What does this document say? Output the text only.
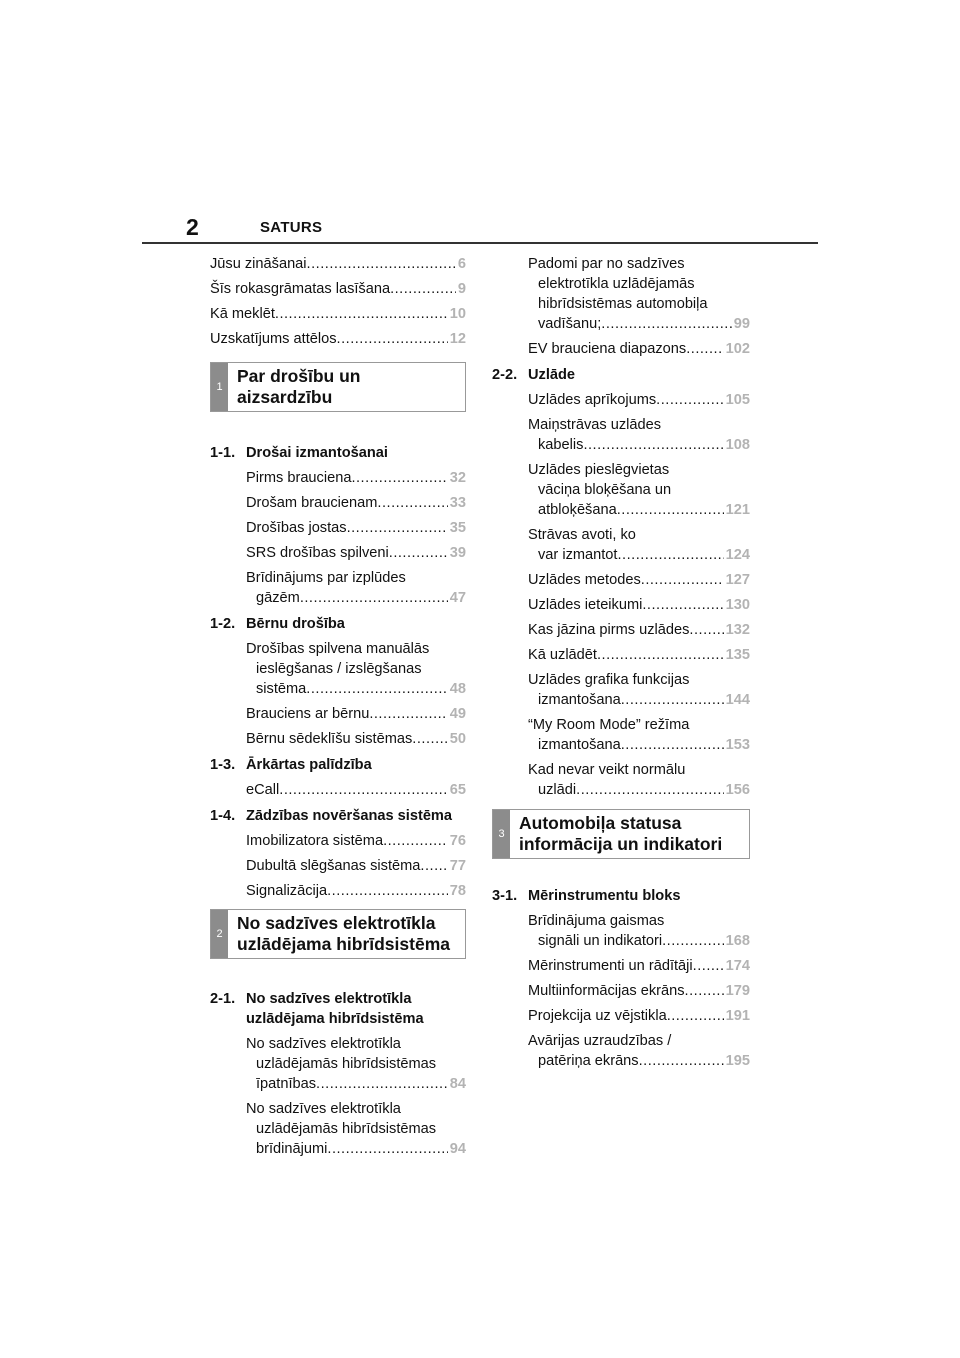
2	SATURS
Jūsu zināšanai .....	6
Šīs rokasgrāmatas lasīšana .....	9
Kā meklēt .....	10
Uzskatījums attēlos .....	12
1
Par drošību un aizsardzību
1-1. Drošai izmantošanai
Pirms brauciena .....	32
Drošam braucienam .....	33
Drošības jostas .....	35
SRS drošības spilveni .....	39
Brīdinājums par izplūdes
gāzēm .....	47
1-2. Bērnu drošība
Drošības spilvena manuālās
ieslēgšanas / izslēgšanas
sistēma .....	48
Brauciens ar bērnu .....	49
Bērnu sēdeklīšu sistēmas .....	50
1-3. Ārkārtas palīdzība
eCall .....	65
1-4. Zādzības novēršanas sistēma
Imobilizatora sistēma .....	76
Dubultā slēgšanas sistēma ..... 77
Signalizācija .....	78
2
No sadzīves elektrotīkla
uzlādējama hibrīdsistēma
2-1. No sadzīves elektrotīkla
uzlādējama hibrīdsistēma
No sadzīves elektrotīkla
uzlādējamās hibrīdsistēmas
īpatnības .....	84
No sadzīves elektrotīkla
uzlādējamās hibrīdsistēmas
brīdinājumi .....	94
Padomi par no sadzīves
elektrotīkla uzlādējamās
hibrīdsistēmas automobiļa
vadīšanu; .....	99
EV brauciena diapazons .....	102
2-2. Uzlāde
Uzlādes aprīkojums .....	105
Maiņstrāvas uzlādes
kabelis .....	108
Uzlādes pieslēgvietas
vāciņa bloķēšana un
atbloķēšana .....	121
Strāvas avoti, ko
var izmantot .....	124
Uzlādes metodes .....	127
Uzlādes ieteikumi .....	130
Kas jāzina pirms uzlādes ..... 132
Kā uzlādēt .....	135
Uzlādes grafika funkcijas
izmantošana .....	144
“My Room Mode” režīma
izmantošana .....	153
Kad nevar veikt normālu
uzlādi .....	156
3
Automobiļa statusa
informācija un indikatori
3-1. Mērinstrumentu bloks
Brīdinājuma gaismas
signāli un indikatori .....	168
Mērinstrumenti un rādītāji ..... 174
Multiinformācijas ekrāns .....	179
Projekcija uz vējstikla .....	191
Avārijas uzraudzības /
patēriņa ekrāns .....	195
